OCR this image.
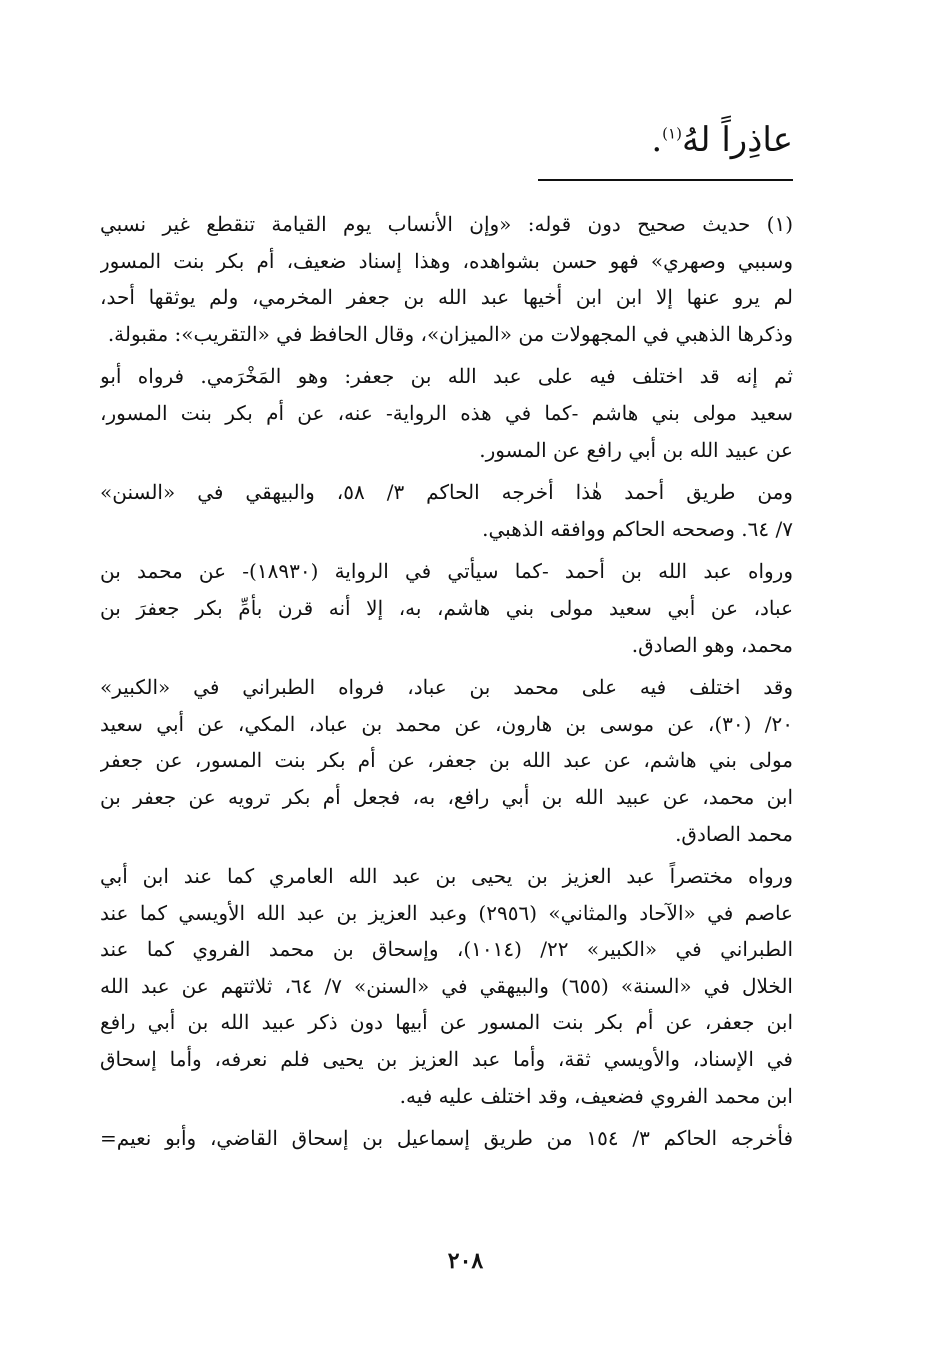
عاذِراً لهُ$^{(١)}$.
(١) حديث صحيح دون قوله: «وإن الأنساب يوم القيامة تنقطع غير نسبي
وسببي وصهري» فهو حسن بشواهده، وهذا إسناد ضعيف، أم بكر بنت المسور
لم يرو عنها إلا ابن ابن أخيها عبد الله بن جعفر المخرمي، ولم يوثقها أحد،
وذكرها الذهبي في المجهولات من «الميزان»، وقال الحافظ في «التقريب»: مقبولة.
ثم إنه قد اختلف فيه على عبد الله بن جعفر: وهو المَخْرَمي. فرواه أبو
سعيد مولى بني هاشم -كما في هذه الرواية- عنه، عن أم بكر بنت المسور،
عن عبيد الله بن أبي رافع عن المسور.
ومن طريق أحمد هٰذا أخرجه الحاكم ٣/ ٥٨، والبيهقي في «السنن»
٧/ ٦٤. وصححه الحاكم ووافقه الذهبي.
ورواه عبد الله بن أحمد -كما سيأتي في الرواية (١٨٩٣٠)- عن محمد بن
عباد، عن أبي سعيد مولى بني هاشم، به، إلا أنه قرن بأمِّ بكر جعفرَ بن
محمد، وهو الصادق.
وقد اختلف فيه على محمد بن عباد، فرواه الطبراني في «الكبير»
٢٠/ (٣٠)، عن موسى بن هارون، عن محمد بن عباد، المكي، عن أبي سعيد
مولى بني هاشم، عن عبد الله بن جعفر، عن أم بكر بنت المسور، عن جعفر
ابن محمد، عن عبيد الله بن أبي رافع، به، فجعل أم بكر ترويه عن جعفر بن
محمد الصادق.
ورواه مختصراً عبد العزيز بن يحيى بن عبد الله العامري كما عند ابن أبي
عاصم في «الآحاد والمثاني» (٢٩٥٦) وعبد العزيز بن عبد الله الأويسي كما عند
الطبراني في «الكبير» ٢٢/ (١٠١٤)، وإسحاق بن محمد الفروي كما عند
الخلال في «السنة» (٦٥٥) والبيهقي في «السنن» ٧/ ٦٤، ثلاثتهم عن عبد الله
ابن جعفر، عن أم بكر بنت المسور عن أبيها دون ذكر عبيد الله بن أبي رافع
في الإسناد، والأويسي ثقة، وأما عبد العزيز بن يحيى فلم نعرفه، وأما إسحاق
ابن محمد الفروي فضعيف، وقد اختلف عليه فيه.
فأخرجه الحاكم ٣/ ١٥٤ من طريق إسماعيل بن إسحاق القاضي، وأبو نعيم=
٢٠٨
